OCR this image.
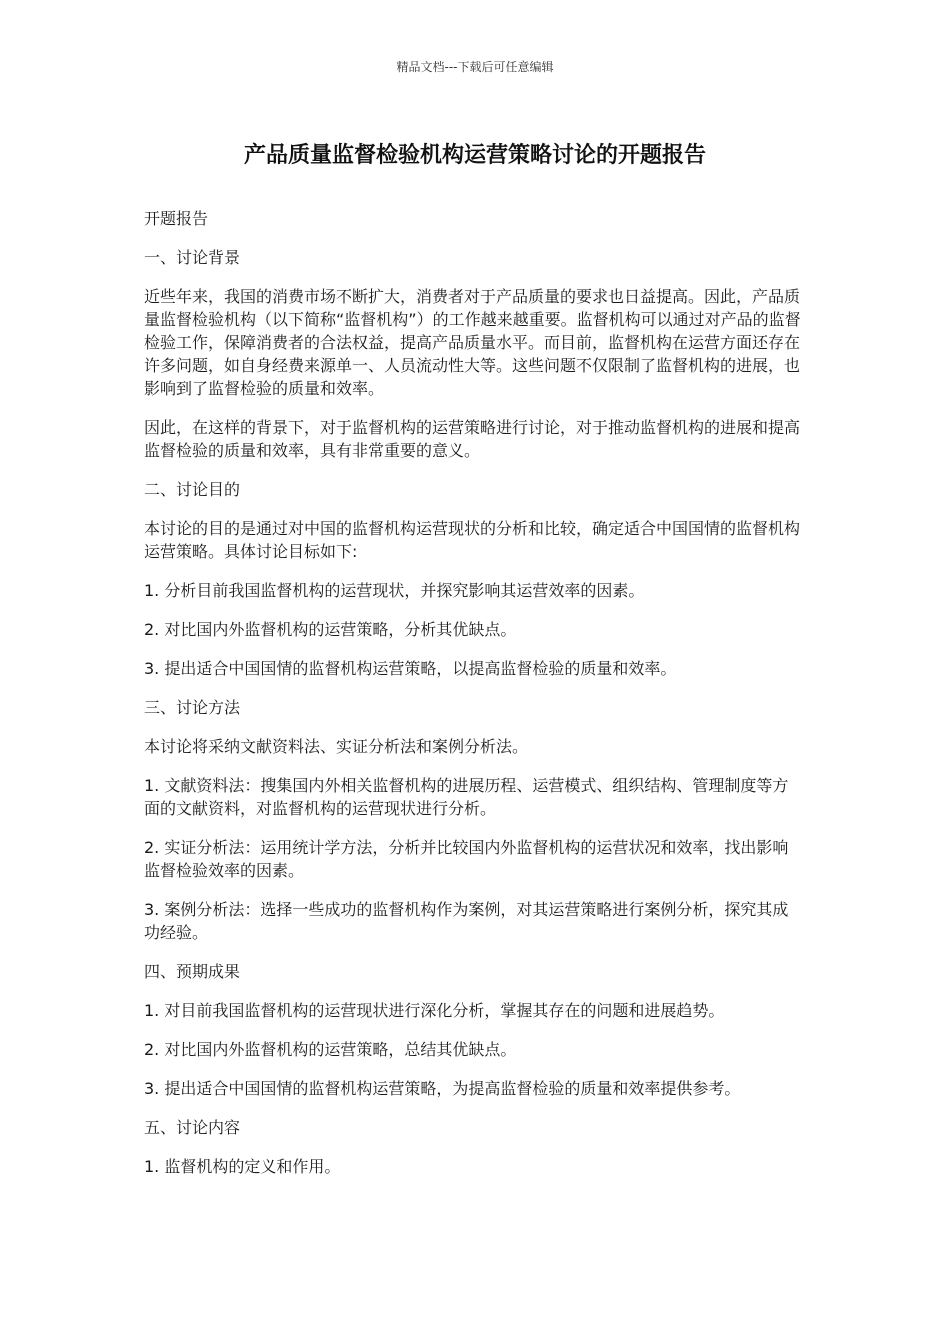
精品文档---下载后可任意编辑
产品质量监督检验机构运营策略讨论的开题报告

开题报告

一、讨论背景

近些年来，我国的消费市场不断扩大，消费者对于产品质量的要求也日益提高。因此，产品质量监督检验机构（以下简称“监督机构”）的工作越来越重要。监督机构可以通过对产品的监督检验工作，保障消费者的合法权益，提高产品质量水平。而目前，监督机构在运营方面还存在许多问题，如自身经费来源单一、人员流动性大等。这些问题不仅限制了监督机构的进展，也影响到了监督检验的质量和效率。

因此，在这样的背景下，对于监督机构的运营策略进行讨论，对于推动监督机构的进展和提高监督检验的质量和效率，具有非常重要的意义。

二、讨论目的

本讨论的目的是通过对中国的监督机构运营现状的分析和比较，确定适合中国国情的监督机构运营策略。具体讨论目标如下:

1. 分析目前我国监督机构的运营现状，并探究影响其运营效率的因素。

2. 对比国内外监督机构的运营策略，分析其优缺点。

3. 提出适合中国国情的监督机构运营策略，以提高监督检验的质量和效率。

三、讨论方法

本讨论将采纳文献资料法、实证分析法和案例分析法。

1. 文献资料法：搜集国内外相关监督机构的进展历程、运营模式、组织结构、管理制度等方面的文献资料，对监督机构的运营现状进行分析。

2. 实证分析法：运用统计学方法，分析并比较国内外监督机构的运营状况和效率，找出影响监督检验效率的因素。

3. 案例分析法：选择一些成功的监督机构作为案例，对其运营策略进行案例分析，探究其成功经验。

四、预期成果

1. 对目前我国监督机构的运营现状进行深化分析，掌握其存在的问题和进展趋势。

2. 对比国内外监督机构的运营策略，总结其优缺点。

3. 提出适合中国国情的监督机构运营策略，为提高监督检验的质量和效率提供参考。

五、讨论内容

1. 监督机构的定义和作用。
